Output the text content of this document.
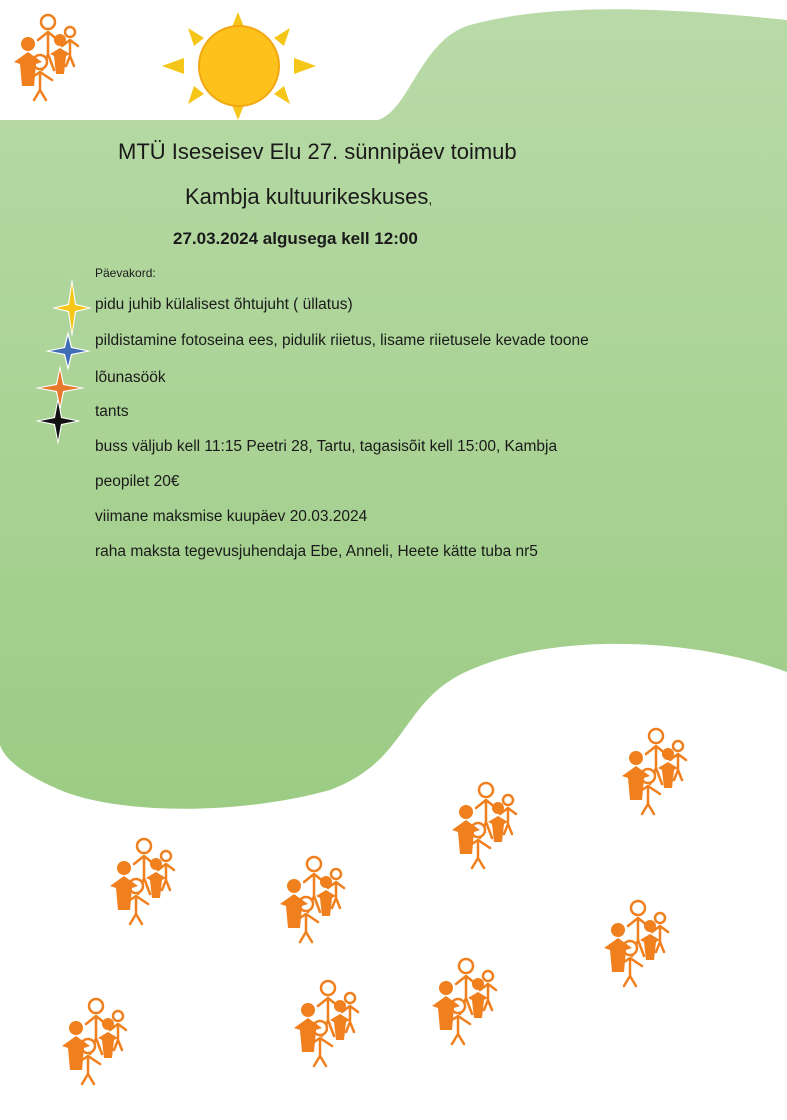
MTÜ Iseseisev Elu 27. sünnipäev toimub
Kambja kultuurikeskuses,
27.03.2024 algusega kell 12:00
Päevakord:
pidu juhib külalisest õhtujuht ( üllatus)
pildistamine fotoseina ees, pidulik riietus, lisame riietusele kevade toone
lõunasöök
tants
buss väljub kell 11:15 Peetri 28, Tartu, tagasisõit kell 15:00, Kambja
peopilet 20€
viimane maksmise kuupäev 20.03.2024
raha maksta tegevusjuhendaja Ebe, Anneli, Heete kätte tuba nr5
